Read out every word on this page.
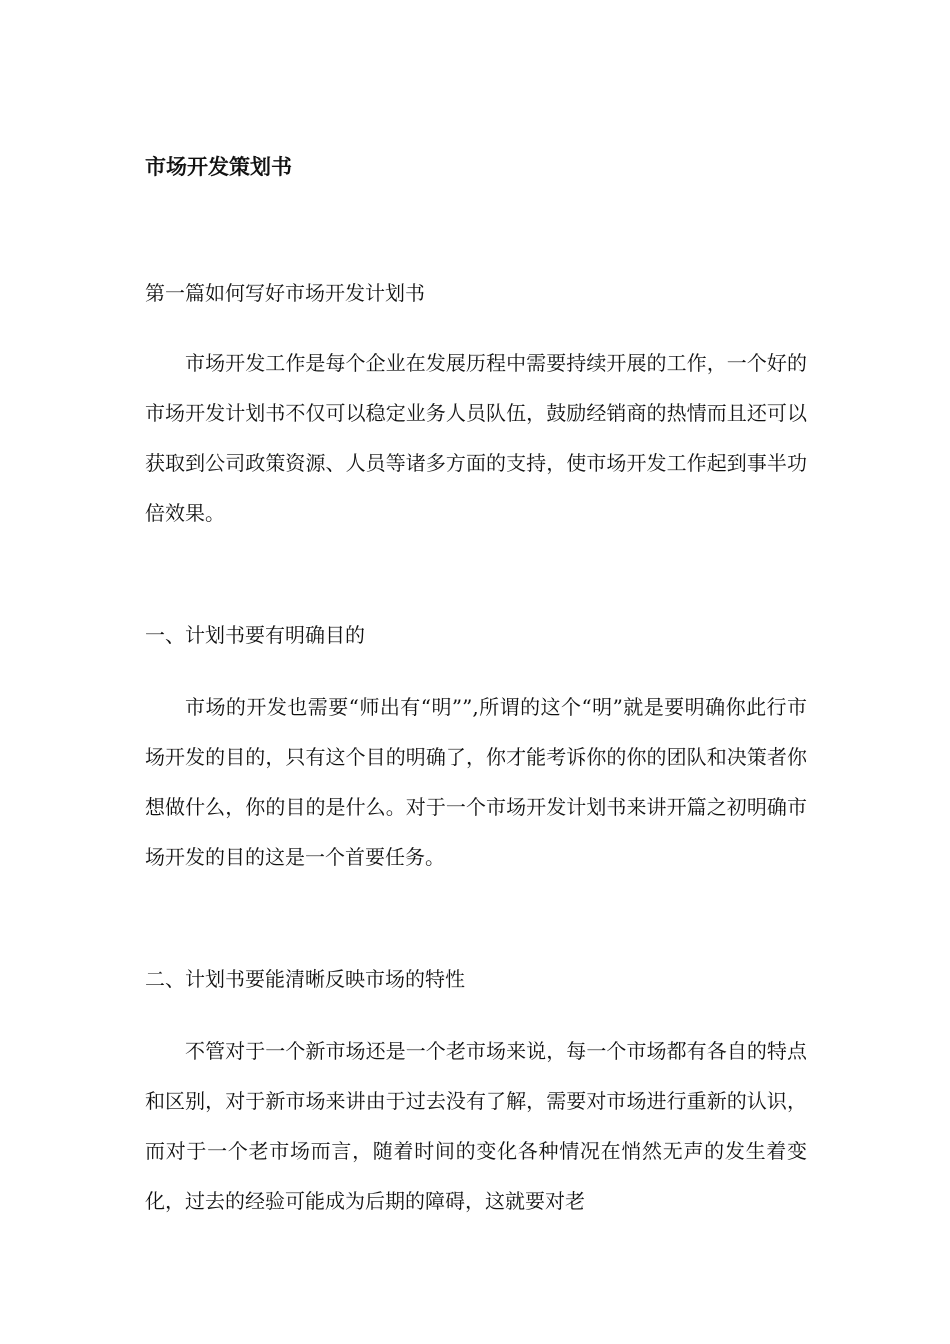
市场开发策划书
第一篇如何写好市场开发计划书

市场开发工作是每个企业在发展历程中需要持续开展的工作，一个好的市场开发计划书不仅可以稳定业务人员队伍，鼓励经销商的热情而且还可以获取到公司政策资源、人员等诸多方面的支持，使市场开发工作起到事半功倍效果。

一、计划书要有明确目的

市场的开发也需要“师出有“明””,所谓的这个“明”就是要明确你此行市场开发的目的，只有这个目的明确了，你才能考诉你的你的团队和决策者你想做什么，你的目的是什么。对于一个市场开发计划书来讲开篇之初明确市场开发的目的这是一个首要任务。

二、计划书要能清晰反映市场的特性

不管对于一个新市场还是一个老市场来说，每一个市场都有各自的特点和区别，对于新市场来讲由于过去没有了解，需要对市场进行重新的认识，而对于一个老市场而言，随着时间的变化各种情况在悄然无声的发生着变化，过去的经验可能成为后期的障碍，这就要对老
